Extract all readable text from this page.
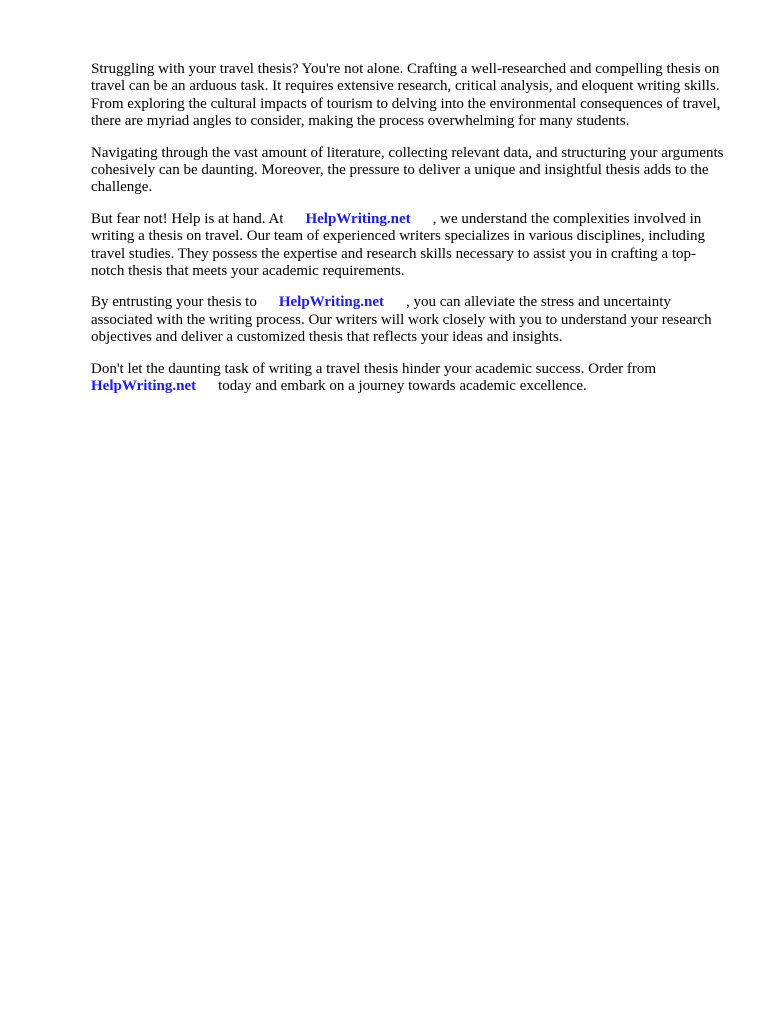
Struggling with your travel thesis? You're not alone. Crafting a well-researched and compelling thesis on travel can be an arduous task. It requires extensive research, critical analysis, and eloquent writing skills. From exploring the cultural impacts of tourism to delving into the environmental consequences of travel, there are myriad angles to consider, making the process overwhelming for many students.

Navigating through the vast amount of literature, collecting relevant data, and structuring your arguments cohesively can be daunting. Moreover, the pressure to deliver a unique and insightful thesis adds to the challenge.

But fear not! Help is at hand. At HelpWriting.net , we understand the complexities involved in writing a thesis on travel. Our team of experienced writers specializes in various disciplines, including travel studies. They possess the expertise and research skills necessary to assist you in crafting a top-notch thesis that meets your academic requirements.

By entrusting your thesis to HelpWriting.net , you can alleviate the stress and uncertainty associated with the writing process. Our writers will work closely with you to understand your research objectives and deliver a customized thesis that reflects your ideas and insights.

Don't let the daunting task of writing a travel thesis hinder your academic success. Order from HelpWriting.net today and embark on a journey towards academic excellence.
